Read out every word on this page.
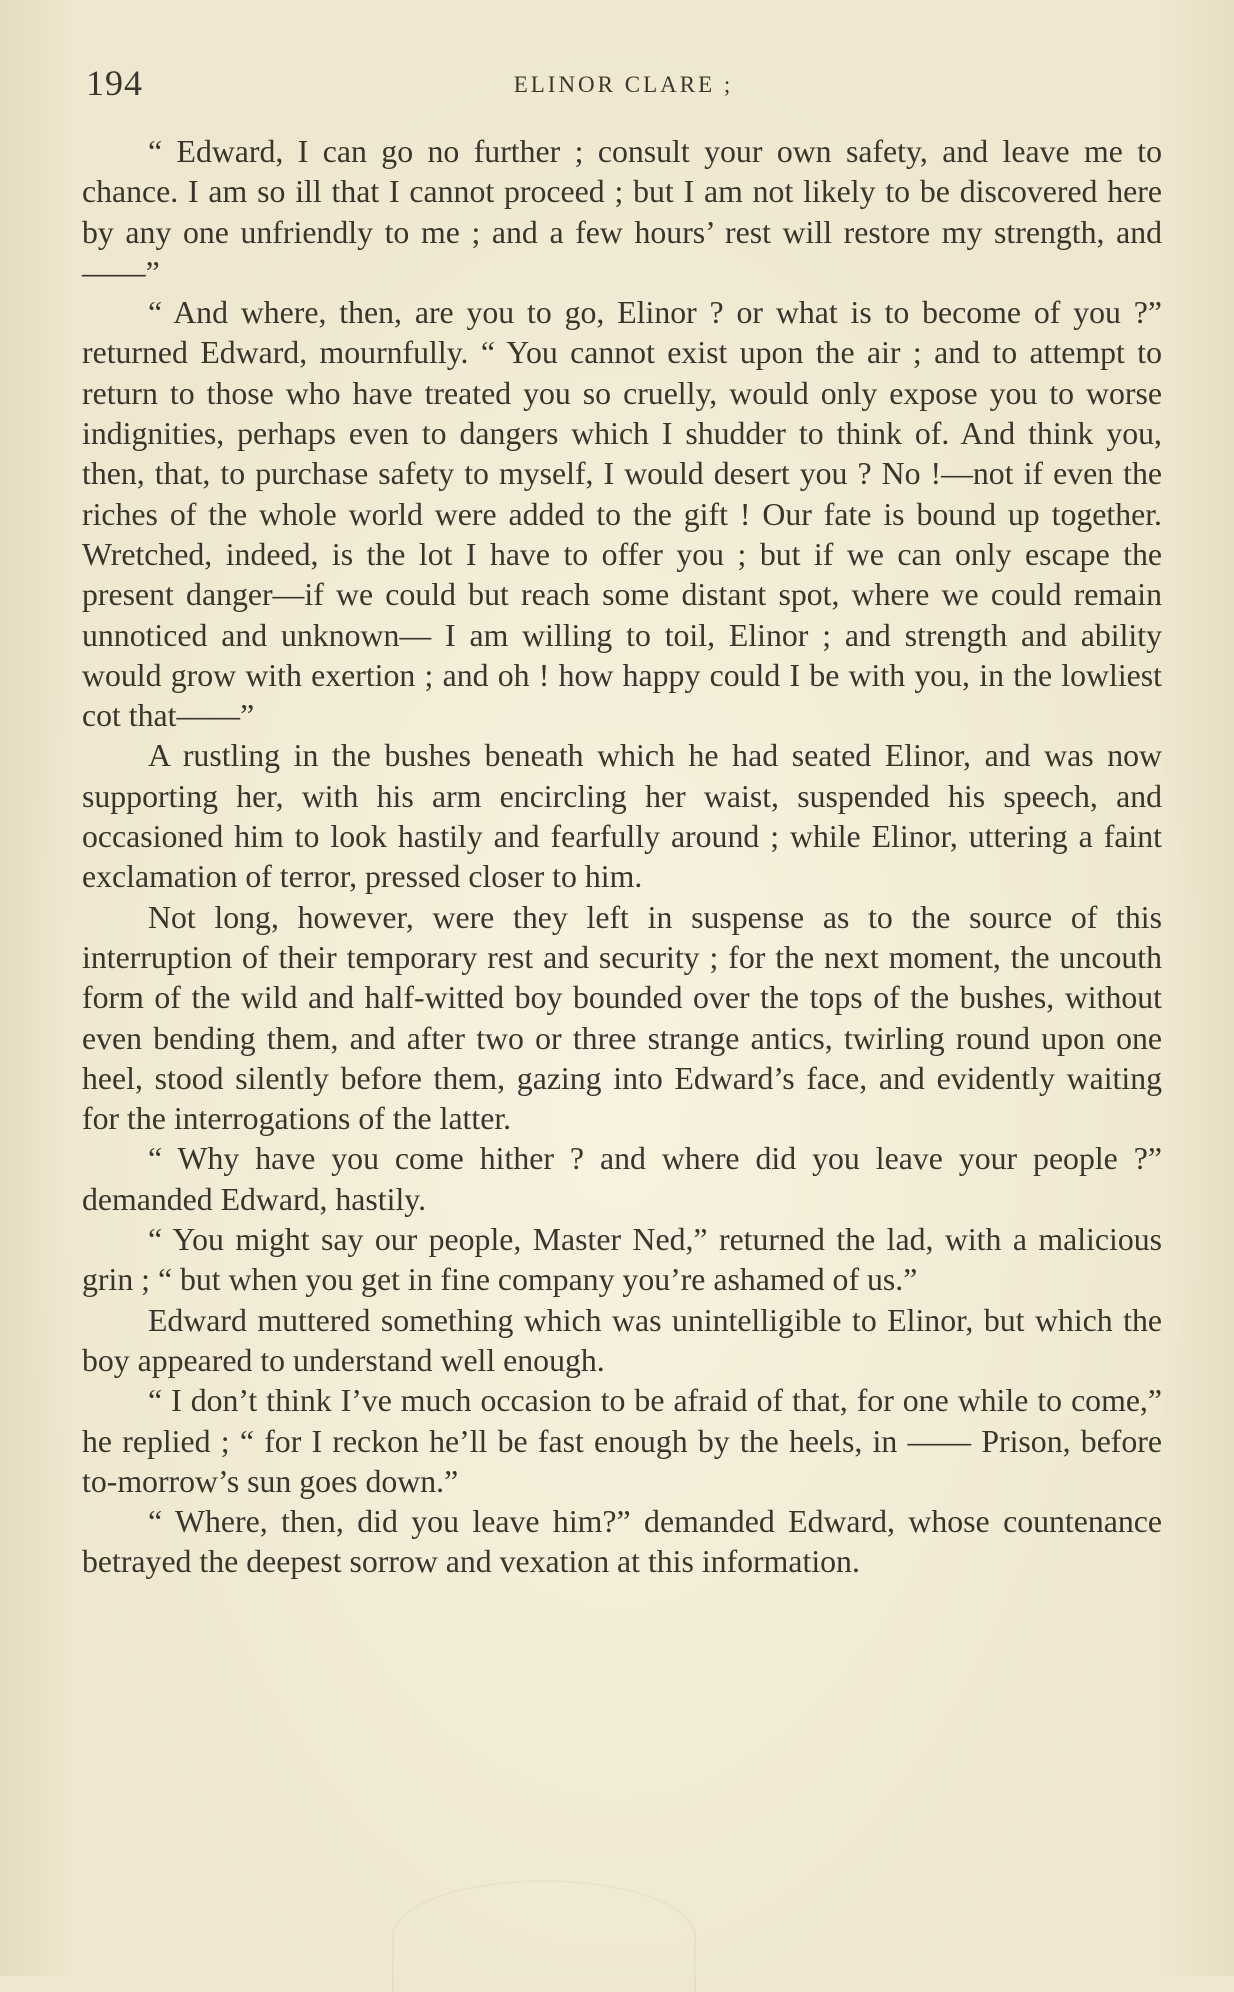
194	ELINOR CLARE ;

“ Edward, I can go no further ; consult your own safety, and leave me to chance. I am so ill that I cannot proceed ; but I am not likely to be discovered here by any one unfriendly to me ; and a few hours’ rest will restore my strength, and——”

“ And where, then, are you to go, Elinor ? or what is to become of you ?” returned Edward, mournfully. “ You cannot exist upon the air ; and to attempt to return to those who have treated you so cruelly, would only expose you to worse indignities, perhaps even to dangers which I shudder to think of. And think you, then, that, to purchase safety to myself, I would desert you ? No !—not if even the riches of the whole world were added to the gift ! Our fate is bound up together. Wretched, indeed, is the lot I have to offer you ; but if we can only escape the present danger—if we could but reach some distant spot, where we could remain unnoticed and unknown— I am willing to toil, Elinor ; and strength and ability would grow with exertion ; and oh ! how happy could I be with you, in the lowliest cot that——”

A rustling in the bushes beneath which he had seated Elinor, and was now supporting her, with his arm encircling her waist, suspended his speech, and occasioned him to look hastily and fearfully around ; while Elinor, uttering a faint exclamation of terror, pressed closer to him.

Not long, however, were they left in suspense as to the source of this interruption of their temporary rest and security ; for the next moment, the uncouth form of the wild and half-witted boy bounded over the tops of the bushes, without even bending them, and after two or three strange antics, twirling round upon one heel, stood silently before them, gazing into Edward’s face, and evidently waiting for the interrogations of the latter.

“ Why have you come hither ? and where did you leave your people ?” demanded Edward, hastily.

“ You might say our people, Master Ned,” returned the lad, with a malicious grin ; “ but when you get in fine company you’re ashamed of us.”

Edward muttered something which was unintelligible to Elinor, but which the boy appeared to understand well enough.

“ I don’t think I’ve much occasion to be afraid of that, for one while to come,” he replied ; “ for I reckon he’ll be fast enough by the heels, in —— Prison, before to-morrow’s sun goes down.”

“ Where, then, did you leave him?” demanded Edward, whose countenance betrayed the deepest sorrow and vexation at this information.
